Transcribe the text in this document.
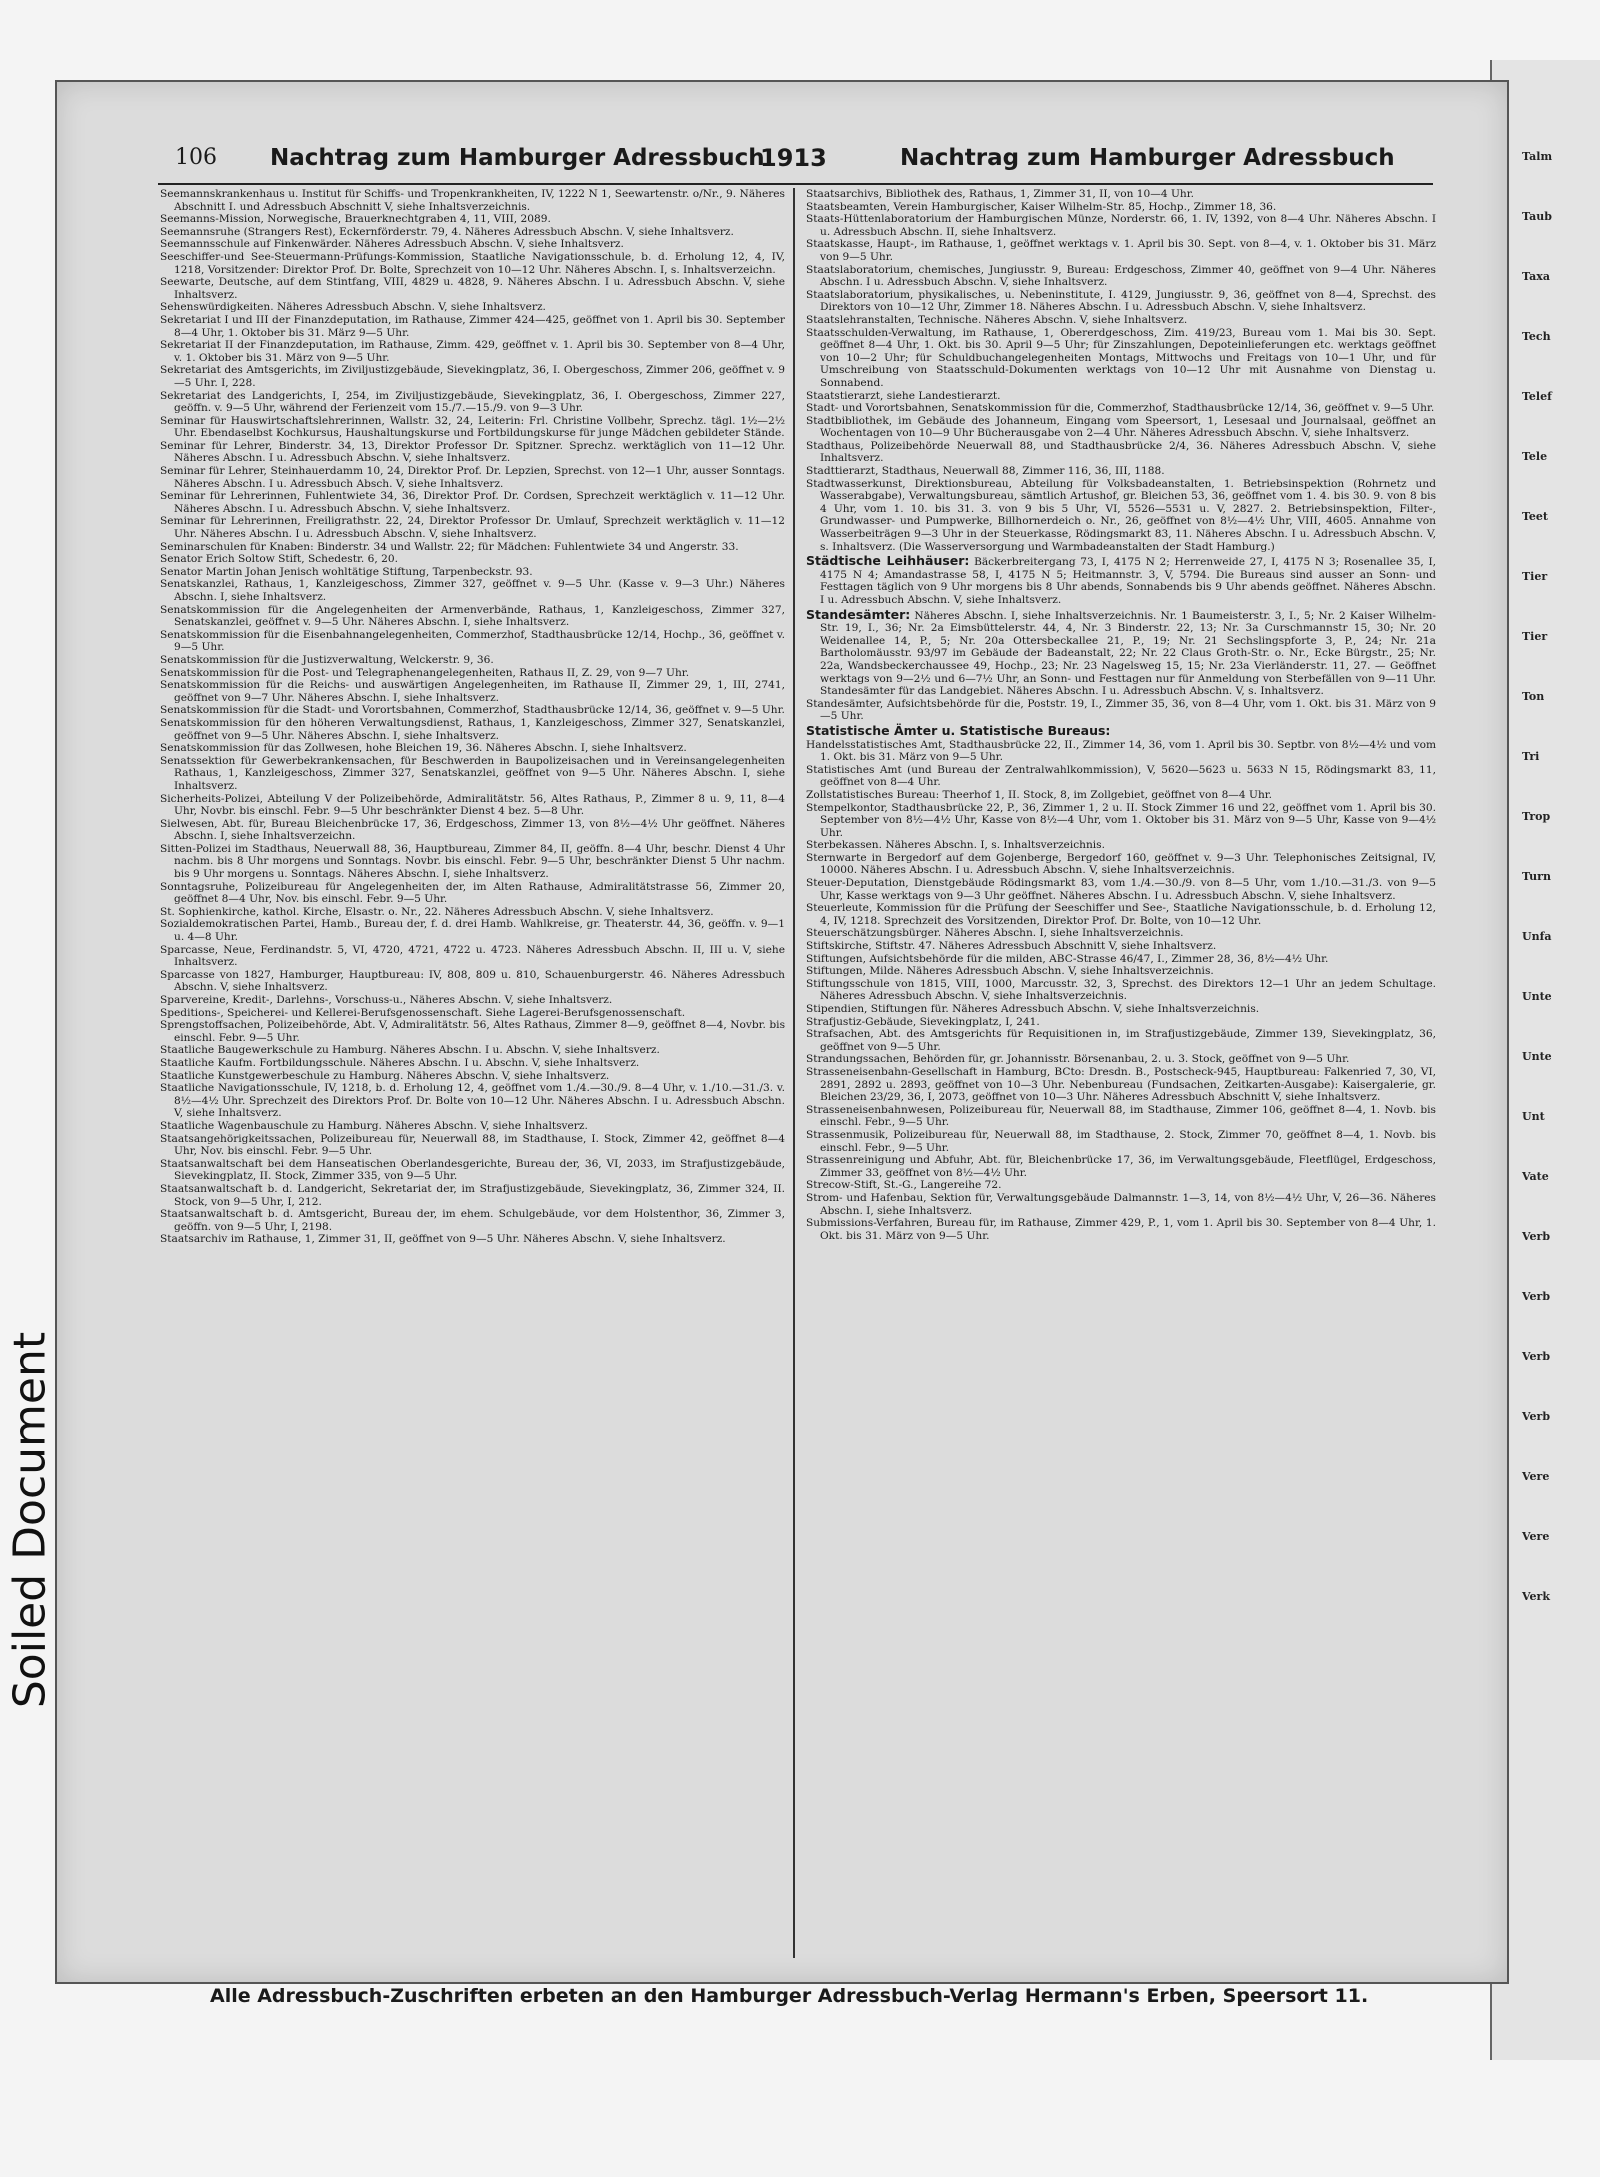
Talm
Taub
Taxa
Tech
Telef
Tele
Teet
Tier
Tier
Ton
Tri
Trop
Turn
Unfa
Unte
Unte
Unt
Vate
Verb
Verb
Verb
Verb
Vere
Vere
Verk
Soiled Document
106 Nachtrag zum Hamburger Adressbuch
1913	Nachtrag zum Hamburger Adressbuch

Seemannskrankenhaus u. Institut für Schiffs- und Tropenkrankheiten, IV, 1222 N 1, Seewartenstr. o/Nr., 9. Näheres Abschnitt I. und Adressbuch Abschnitt V, siehe Inhaltsverzeichnis.

Seemanns-Mission, Norwegische, Brauerknechtgraben 4, 11, VIII, 2089.

Seemannsruhe (Strangers Rest), Eckernförderstr. 79, 4. Näheres Adressbuch Abschn. V, siehe Inhaltsverz.

Seemannsschule auf Finkenwärder. Näheres Adressbuch Abschn. V, siehe Inhaltsverz.

Seeschiffer-und See-Steuermann-Prüfungs-Kommission, Staatliche Navigationsschule, b. d. Erholung 12, 4, IV, 1218, Vorsitzender: Direktor Prof. Dr. Bolte, Sprechzeit von 10—12 Uhr. Näheres Abschn. I, s. Inhaltsverzeichn.

Seewarte, Deutsche, auf dem Stintfang, VIII, 4829 u. 4828, 9. Näheres Abschn. I u. Adressbuch Abschn. V, siehe Inhaltsverz.

Sehenswürdigkeiten. Näheres Adressbuch Abschn. V, siehe Inhaltsverz.

Sekretariat I und III der Finanzdeputation, im Rathause, Zimmer 424—425, geöffnet von 1. April bis 30. September 8—4 Uhr, 1. Oktober bis 31. März 9—5 Uhr.

Sekretariat II der Finanzdeputation, im Rathause, Zimm. 429, geöffnet v. 1. April bis 30. September von 8—4 Uhr, v. 1. Oktober bis 31. März von 9—5 Uhr.

Sekretariat des Amtsgerichts, im Ziviljustizgebäude, Sievekingplatz, 36, I. Obergeschoss, Zimmer 206, geöffnet v. 9—5 Uhr. I, 228.

Sekretariat des Landgerichts, I, 254, im Ziviljustizgebäude, Sievekingplatz, 36, I. Obergeschoss, Zimmer 227, geöffn. v. 9—5 Uhr, während der Ferienzeit vom 15./7.—15./9. von 9—3 Uhr.

Seminar für Hauswirtschaftslehrerinnen, Wallstr. 32, 24, Leiterin: Frl. Christine Vollbehr, Sprechz. tägl. 1½—2½ Uhr. Ebendaselbst Kochkursus, Haushaltungskurse und Fortbildungskurse für junge Mädchen gebildeter Stände.

Seminar für Lehrer, Binderstr. 34, 13, Direktor Professor Dr. Spitzner. Sprechz. werktäglich von 11—12 Uhr. Näheres Abschn. I u. Adressbuch Abschn. V, siehe Inhaltsverz.

Seminar für Lehrer, Steinhauerdamm 10, 24, Direktor Prof. Dr. Lepzien, Sprechst. von 12—1 Uhr, ausser Sonntags. Näheres Abschn. I u. Adressbuch Absch. V, siehe Inhaltsverz.

Seminar für Lehrerinnen, Fuhlentwiete 34, 36, Direktor Prof. Dr. Cordsen, Sprechzeit werktäglich v. 11—12 Uhr. Näheres Abschn. I u. Adressbuch Abschn. V, siehe Inhaltsverz.

Seminar für Lehrerinnen, Freiligrathstr. 22, 24, Direktor Professor Dr. Umlauf, Sprechzeit werktäglich v. 11—12 Uhr. Näheres Abschn. I u. Adressbuch Abschn. V, siehe Inhaltsverz.

Seminarschulen für Knaben: Binderstr. 34 und Wallstr. 22; für Mädchen: Fuhlentwiete 34 und Angerstr. 33.

Senator Erich Soltow Stift, Schedestr. 6, 20.

Senator Martin Johan Jenisch wohltätige Stiftung, Tarpenbeckstr. 93.

Senatskanzlei, Rathaus, 1, Kanzleigeschoss, Zimmer 327, geöffnet v. 9—5 Uhr. (Kasse v. 9—3 Uhr.) Näheres Abschn. I, siehe Inhaltsverz.

Senatskommission für die Angelegenheiten der Armenverbände, Rathaus, 1, Kanzleigeschoss, Zimmer 327, Senatskanzlei, geöffnet v. 9—5 Uhr. Näheres Abschn. I, siehe Inhaltsverz.

Senatskommission für die Eisenbahnangelegenheiten, Commerzhof, Stadthausbrücke 12/14, Hochp., 36, geöffnet v. 9—5 Uhr.

Senatskommission für die Justizverwaltung, Welckerstr. 9, 36.

Senatskommission für die Post- und Telegraphenangelegenheiten, Rathaus II, Z. 29, von 9—7 Uhr.

Senatskommission für die Reichs- und auswärtigen Angelegenheiten, im Rathause II, Zimmer 29, 1, III, 2741, geöffnet von 9—7 Uhr. Näheres Abschn. I, siehe Inhaltsverz.

Senatskommission für die Stadt- und Vorortsbahnen, Commerzhof, Stadthausbrücke 12/14, 36, geöffnet v. 9—5 Uhr.

Senatskommission für den höheren Verwaltungsdienst, Rathaus, 1, Kanzleigeschoss, Zimmer 327, Senatskanzlei, geöffnet von 9—5 Uhr. Näheres Abschn. I, siehe Inhaltsverz.

Senatskommission für das Zollwesen, hohe Bleichen 19, 36. Näheres Abschn. I, siehe Inhaltsverz.

Senatssektion für Gewerbekrankensachen, für Beschwerden in Baupolizeisachen und in Vereinsangelegenheiten Rathaus, 1, Kanzleigeschoss, Zimmer 327, Senatskanzlei, geöffnet von 9—5 Uhr. Näheres Abschn. I, siehe Inhaltsverz.

Sicherheits-Polizei, Abteilung V der Polizeibehörde, Admiralitätstr. 56, Altes Rathaus, P., Zimmer 8 u. 9, 11, 8—4 Uhr, Novbr. bis einschl. Febr. 9—5 Uhr beschränkter Dienst 4 bez. 5—8 Uhr.

Sielwesen, Abt. für, Bureau Bleichenbrücke 17, 36, Erdgeschoss, Zimmer 13, von 8½—4½ Uhr geöffnet. Näheres Abschn. I, siehe Inhaltsverzeichn.

Sitten-Polizei im Stadthaus, Neuerwall 88, 36, Hauptbureau, Zimmer 84, II, geöffn. 8—4 Uhr, beschr. Dienst 4 Uhr nachm. bis 8 Uhr morgens und Sonntags. Novbr. bis einschl. Febr. 9—5 Uhr, beschränkter Dienst 5 Uhr nachm. bis 9 Uhr morgens u. Sonntags. Näheres Abschn. I, siehe Inhaltsverz.

Sonntagsruhe, Polizeibureau für Angelegenheiten der, im Alten Rathause, Admiralitätstrasse 56, Zimmer 20, geöffnet 8—4 Uhr, Nov. bis einschl. Febr. 9—5 Uhr.

St. Sophienkirche, kathol. Kirche, Elsastr. o. Nr., 22. Näheres Adressbuch Abschn. V, siehe Inhaltsverz.

Sozialdemokratischen Partei, Hamb., Bureau der, f. d. drei Hamb. Wahlkreise, gr. Theaterstr. 44, 36, geöffn. v. 9—1 u. 4—8 Uhr.

Sparcasse, Neue, Ferdinandstr. 5, VI, 4720, 4721, 4722 u. 4723. Näheres Adressbuch Abschn. II, III u. V, siehe Inhaltsverz.

Sparcasse von 1827, Hamburger, Hauptbureau: IV, 808, 809 u. 810, Schauenburgerstr. 46. Näheres Adressbuch Abschn. V, siehe Inhaltsverz.

Sparvereine, Kredit-, Darlehns-, Vorschuss-u., Näheres Abschn. V, siehe Inhaltsverz.

Speditions-, Speicherei- und Kellerei-Berufsgenossenschaft. Siehe Lagerei-Berufsgenossenschaft.

Sprengstoffsachen, Polizeibehörde, Abt. V, Admiralitätstr. 56, Altes Rathaus, Zimmer 8—9, geöffnet 8—4, Novbr. bis einschl. Febr. 9—5 Uhr.

Staatliche Baugewerkschule zu Hamburg. Näheres Abschn. I u. Abschn. V, siehe Inhaltsverz.

Staatliche Kaufm. Fortbildungsschule. Näheres Abschn. I u. Abschn. V, siehe Inhaltsverz.

Staatliche Kunstgewerbeschule zu Hamburg. Näheres Abschn. V, siehe Inhaltsverz.

Staatliche Navigationsschule, IV, 1218, b. d. Erholung 12, 4, geöffnet vom 1./4.—30./9. 8—4 Uhr, v. 1./10.—31./3. v. 8½—4½ Uhr. Sprechzeit des Direktors Prof. Dr. Bolte von 10—12 Uhr. Näheres Abschn. I u. Adressbuch Abschn. V, siehe Inhaltsverz.

Staatliche Wagenbauschule zu Hamburg. Näheres Abschn. V, siehe Inhaltsverz.

Staatsangehörigkeitssachen, Polizeibureau für, Neuerwall 88, im Stadthause, I. Stock, Zimmer 42, geöffnet 8—4 Uhr, Nov. bis einschl. Febr. 9—5 Uhr.

Staatsanwaltschaft bei dem Hanseatischen Oberlandesgerichte, Bureau der, 36, VI, 2033, im Strafjustizgebäude, Sievekingplatz, II. Stock, Zimmer 335, von 9—5 Uhr.

Staatsanwaltschaft b. d. Landgericht, Sekretariat der, im Strafjustizgebäude, Sievekingplatz, 36, Zimmer 324, II. Stock, von 9—5 Uhr, I, 212.

Staatsanwaltschaft b. d. Amtsgericht, Bureau der, im ehem. Schulgebäude, vor dem Holstenthor, 36, Zimmer 3, geöffn. von 9—5 Uhr, I, 2198.

Staatsarchiv im Rathause, 1, Zimmer 31, II, geöffnet von 9—5 Uhr. Näheres Abschn. V, siehe Inhaltsverz.

Staatsarchivs, Bibliothek des, Rathaus, 1, Zimmer 31, II, von 10—4 Uhr.

Staatsbeamten, Verein Hamburgischer, Kaiser Wilhelm-Str. 85, Hochp., Zimmer 18, 36.

Staats-Hüttenlaboratorium der Hamburgischen Münze, Norderstr. 66, 1. IV, 1392, von 8—4 Uhr. Näheres Abschn. I u. Adressbuch Abschn. II, siehe Inhaltsverz.

Staatskasse, Haupt-, im Rathause, 1, geöffnet werktags v. 1. April bis 30. Sept. von 8—4, v. 1. Oktober bis 31. März von 9—5 Uhr.

Staatslaboratorium, chemisches, Jungiusstr. 9, Bureau: Erdgeschoss, Zimmer 40, geöffnet von 9—4 Uhr. Näheres Abschn. I u. Adressbuch Abschn. V, siehe Inhaltsverz.

Staatslaboratorium, physikalisches, u. Nebeninstitute, I. 4129, Jungiusstr. 9, 36, geöffnet von 8—4, Sprechst. des Direktors von 10—12 Uhr, Zimmer 18. Näheres Abschn. I u. Adressbuch Abschn. V, siehe Inhaltsverz.

Staatslehranstalten, Technische. Näheres Abschn. V, siehe Inhaltsverz.

Staatsschulden-Verwaltung, im Rathause, 1, Obererdgeschoss, Zim. 419/23, Bureau vom 1. Mai bis 30. Sept. geöffnet 8—4 Uhr, 1. Okt. bis 30. April 9—5 Uhr; für Zinszahlungen, Depoteinlieferungen etc. werktags geöffnet von 10—2 Uhr; für Schuldbuchangelegenheiten Montags, Mittwochs und Freitags von 10—1 Uhr, und für Umschreibung von Staatsschuld-Dokumenten werktags von 10—12 Uhr mit Ausnahme von Dienstag u. Sonnabend.

Staatstierarzt, siehe Landestierarzt.

Stadt- und Vorortsbahnen, Senatskommission für die, Commerzhof, Stadthausbrücke 12/14, 36, geöffnet v. 9—5 Uhr.

Stadtbibliothek, im Gebäude des Johanneum, Eingang vom Speersort, 1, Lesesaal und Journalsaal, geöffnet an Wochentagen von 10—9 Uhr Bücherausgabe von 2—4 Uhr. Näheres Adressbuch Abschn. V, siehe Inhaltsverz.

Stadthaus, Polizeibehörde Neuerwall 88, und Stadthausbrücke 2/4, 36. Näheres Adressbuch Abschn. V, siehe Inhaltsverz.

Stadttierarzt, Stadthaus, Neuerwall 88, Zimmer 116, 36, III, 1188.

Stadtwasserkunst, Direktionsbureau, Abteilung für Volksbadeanstalten, 1. Betriebsinspektion (Rohrnetz und Wasserabgabe), Verwaltungsbureau, sämtlich Artushof, gr. Bleichen 53, 36, geöffnet vom 1. 4. bis 30. 9. von 8 bis 4 Uhr, vom 1. 10. bis 31. 3. von 9 bis 5 Uhr, VI, 5526—5531 u. V, 2827. 2. Betriebsinspektion, Filter-, Grundwasser- und Pumpwerke, Billhornerdeich o. Nr., 26, geöffnet von 8½—4½ Uhr, VIII, 4605. Annahme von Wasserbeiträgen 9—3 Uhr in der Steuerkasse, Rödingsmarkt 83, 11. Näheres Abschn. I u. Adressbuch Abschn. V, s. Inhaltsverz. (Die Wasserversorgung und Warmbadeanstalten der Stadt Hamburg.)

Städtische Leihhäuser: Bäckerbreitergang 73, I, 4175 N 2; Herrenweide 27, I, 4175 N 3; Rosenallee 35, I, 4175 N 4; Amandastrasse 58, I, 4175 N 5; Heitmannstr. 3, V, 5794. Die Bureaus sind ausser an Sonn- und Festtagen täglich von 9 Uhr morgens bis 8 Uhr abends, Sonnabends bis 9 Uhr abends geöffnet. Näheres Abschn. I u. Adressbuch Abschn. V, siehe Inhaltsverz.

Standesämter: Näheres Abschn. I, siehe Inhaltsverzeichnis. Nr. 1 Baumeisterstr. 3, I., 5; Nr. 2 Kaiser Wilhelm-Str. 19, I., 36; Nr. 2a Eimsbüttelerstr. 44, 4, Nr. 3 Binderstr. 22, 13; Nr. 3a Curschmannstr 15, 30; Nr. 20 Weidenallee 14, P., 5; Nr. 20a Ottersbeckallee 21, P., 19; Nr. 21 Sechslingspforte 3, P., 24; Nr. 21a Bartholomäusstr. 93/97 im Gebäude der Badeanstalt, 22; Nr. 22 Claus Groth-Str. o. Nr., Ecke Bürgstr., 25; Nr. 22a, Wandsbeckerchaussee 49, Hochp., 23; Nr. 23 Nagelsweg 15, 15; Nr. 23a Vierländerstr. 11, 27. — Geöffnet werktags von 9—2½ und 6—7½ Uhr, an Sonn- und Festtagen nur für Anmeldung von Sterbefällen von 9—11 Uhr. Standesämter für das Landgebiet. Näheres Abschn. I u. Adressbuch Abschn. V, s. Inhaltsverz.

Standesämter, Aufsichtsbehörde für die, Poststr. 19, I., Zimmer 35, 36, von 8—4 Uhr, vom 1. Okt. bis 31. März von 9—5 Uhr.

Statistische Ämter u. Statistische Bureaus:

Handelsstatistisches Amt, Stadthausbrücke 22, II., Zimmer 14, 36, vom 1. April bis 30. Septbr. von 8½—4½ und vom 1. Okt. bis 31. März von 9—5 Uhr.

Statistisches Amt (und Bureau der Zentralwahlkommission), V, 5620—5623 u. 5633 N 15, Rödingsmarkt 83, 11, geöffnet von 8—4 Uhr.

Zollstatistisches Bureau: Theerhof 1, II. Stock, 8, im Zollgebiet, geöffnet von 8—4 Uhr.

Stempelkontor, Stadthausbrücke 22, P., 36, Zimmer 1, 2 u. II. Stock Zimmer 16 und 22, geöffnet vom 1. April bis 30. September von 8½—4½ Uhr, Kasse von 8½—4 Uhr, vom 1. Oktober bis 31. März von 9—5 Uhr, Kasse von 9—4½ Uhr.

Sterbekassen. Näheres Abschn. I, s. Inhaltsverzeichnis.

Sternwarte in Bergedorf auf dem Gojenberge, Bergedorf 160, geöffnet v. 9—3 Uhr. Telephonisches Zeitsignal, IV, 10000. Näheres Abschn. I u. Adressbuch Abschn. V, siehe Inhaltsverzeichnis.

Steuer-Deputation, Dienstgebäude Rödingsmarkt 83, vom 1./4.—30./9. von 8—5 Uhr, vom 1./10.—31./3. von 9—5 Uhr, Kasse werktags von 9—3 Uhr geöffnet. Näheres Abschn. I u. Adressbuch Abschn. V, siehe Inhaltsverz.

Steuerleute, Kommission für die Prüfung der Seeschiffer und See-, Staatliche Navigationsschule, b. d. Erholung 12, 4, IV, 1218. Sprechzeit des Vorsitzenden, Direktor Prof. Dr. Bolte, von 10—12 Uhr.

Steuerschätzungsbürger. Näheres Abschn. I, siehe Inhaltsverzeichnis.

Stiftskirche, Stiftstr. 47. Näheres Adressbuch Abschnitt V, siehe Inhaltsverz.

Stiftungen, Aufsichtsbehörde für die milden, ABC-Strasse 46/47, I., Zimmer 28, 36, 8½—4½ Uhr.

Stiftungen, Milde. Näheres Adressbuch Abschn. V, siehe Inhaltsverzeichnis.

Stiftungsschule von 1815, VIII, 1000, Marcusstr. 32, 3, Sprechst. des Direktors 12—1 Uhr an jedem Schultage. Näheres Adressbuch Abschn. V, siehe Inhaltsverzeichnis.

Stipendien, Stiftungen für. Näheres Adressbuch Abschn. V, siehe Inhaltsverzeichnis.

Strafjustiz-Gebäude, Sievekingplatz, I, 241.

Strafsachen, Abt. des Amtsgerichts für Requisitionen in, im Strafjustizgebäude, Zimmer 139, Sievekingplatz, 36, geöffnet von 9—5 Uhr.

Strandungssachen, Behörden für, gr. Johannisstr. Börsenanbau, 2. u. 3. Stock, geöffnet von 9—5 Uhr.

Strasseneisenbahn-Gesellschaft in Hamburg, BCto: Dresdn. B., Postscheck-945, Hauptbureau: Falkenried 7, 30, VI, 2891, 2892 u. 2893, geöffnet von 10—3 Uhr. Nebenbureau (Fundsachen, Zeitkarten-Ausgabe): Kaisergalerie, gr. Bleichen 23/29, 36, I, 2073, geöffnet von 10—3 Uhr. Näheres Adressbuch Abschnitt V, siehe Inhaltsverz.

Strasseneisenbahnwesen, Polizeibureau für, Neuerwall 88, im Stadthause, Zimmer 106, geöffnet 8—4, 1. Novb. bis einschl. Febr., 9—5 Uhr.

Strassenmusik, Polizeibureau für, Neuerwall 88, im Stadthause, 2. Stock, Zimmer 70, geöffnet 8—4, 1. Novb. bis einschl. Febr., 9—5 Uhr.

Strassenreinigung und Abfuhr, Abt. für, Bleichenbrücke 17, 36, im Verwaltungsgebäude, Fleetflügel, Erdgeschoss, Zimmer 33, geöffnet von 8½—4½ Uhr.

Strecow-Stift, St.-G., Langereihe 72.

Strom- und Hafenbau, Sektion für, Verwaltungsgebäude Dalmannstr. 1—3, 14, von 8½—4½ Uhr, V, 26—36. Näheres Abschn. I, siehe Inhaltsverz.

Submissions-Verfahren, Bureau für, im Rathause, Zimmer 429, P., 1, vom 1. April bis 30. September von 8—4 Uhr, 1. Okt. bis 31. März von 9—5 Uhr.

Alle Adressbuch-Zuschriften erbeten an den Hamburger Adressbuch-Verlag Hermann's Erben, Speersort 11.
